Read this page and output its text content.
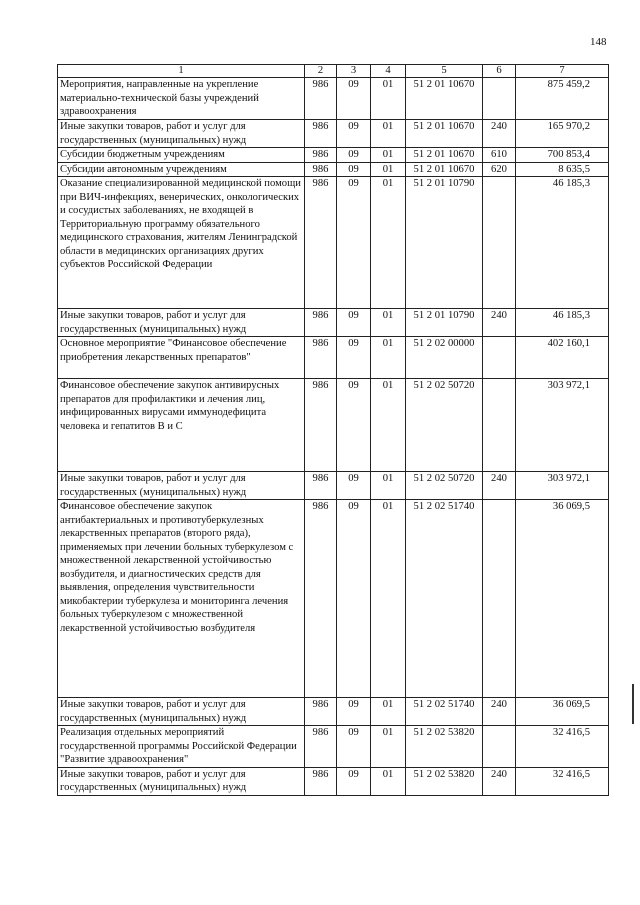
148
1	2	3	4	5	6	7
Мероприятия, направленные на укрепление материально-технической базы учреждений здравоохранения	986	09	01	51 2 01 10670		875 459,2
Иные закупки товаров, работ и услуг для государственных (муниципальных) нужд	986	09	01	51 2 01 10670	240	165 970,2
Субсидии бюджетным учреждениям	986	09	01	51 2 01 10670	610	700 853,4
Субсидии автономным учреждениям	986	09	01	51 2 01 10670	620	8 635,5
Оказание специализированной медицинской помощи при ВИЧ-инфекциях, венерических, онкологических и сосудистых заболеваниях, не входящей в Территориальную программу обязательного медицинского страхования, жителям Ленинградской области в медицинских организациях других субъектов Российской Федерации	986	09	01	51 2 01 10790		46 185,3
Иные закупки товаров, работ и услуг для государственных (муниципальных) нужд	986	09	01	51 2 01 10790	240	46 185,3
Основное мероприятие "Финансовое обеспечение приобретения лекарственных препаратов"	986	09	01	51 2 02 00000		402 160,1
Финансовое обеспечение закупок антивирусных препаратов для профилактики и лечения лиц, инфицированных вирусами иммунодефицита человека и гепатитов В и С	986	09	01	51 2 02 50720		303 972,1
Иные закупки товаров, работ и услуг для государственных (муниципальных) нужд	986	09	01	51 2 02 50720	240	303 972,1
Финансовое обеспечение закупок антибактериальных и противотуберкулезных лекарственных препаратов (второго ряда), применяемых при лечении больных туберкулезом с множественной лекарственной устойчивостью возбудителя, и диагностических средств для выявления, определения чувствительности микобактерии туберкулеза и мониторинга лечения больных туберкулезом с множественной лекарственной устойчивостью возбудителя	986	09	01	51 2 02 51740		36 069,5
Иные закупки товаров, работ и услуг для государственных (муниципальных) нужд	986	09	01	51 2 02 51740	240	36 069,5
Реализация отдельных мероприятий государственной программы Российской Федерации "Развитие здравоохранения"	986	09	01	51 2 02 53820		32 416,5
Иные закупки товаров, работ и услуг для государственных (муниципальных) нужд	986	09	01	51 2 02 53820	240	32 416,5
